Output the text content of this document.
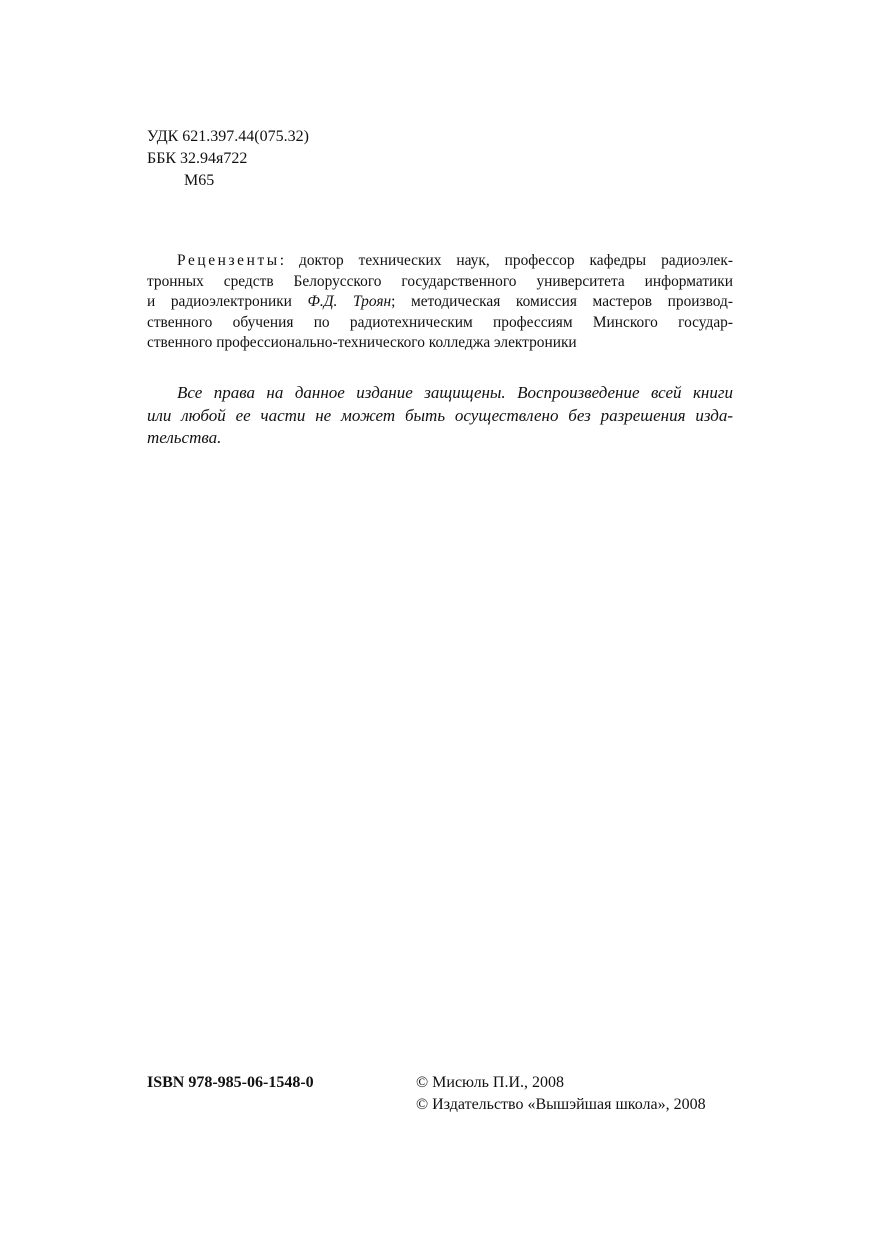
УДК 621.397.44(075.32)
ББК 32.94я722
М65
Рецензенты: доктор технических наук, профессор кафедры радиоэлек-
тронных средств Белорусского государственного университета информатики
и радиоэлектроники Ф.Д. Троян; методическая комиссия мастеров производ-
ственного обучения по радиотехническим профессиям Минского государ-
ственного профессионально-технического колледжа электроники
Все права на данное издание защищены. Воспроизведение всей книги
или любой ее части не может быть осуществлено без разрешения изда-
тельства.
ISBN 978-985-06-1548-0	© Мисюль П.И., 2008
© Издательство «Вышэйшая школа», 2008
